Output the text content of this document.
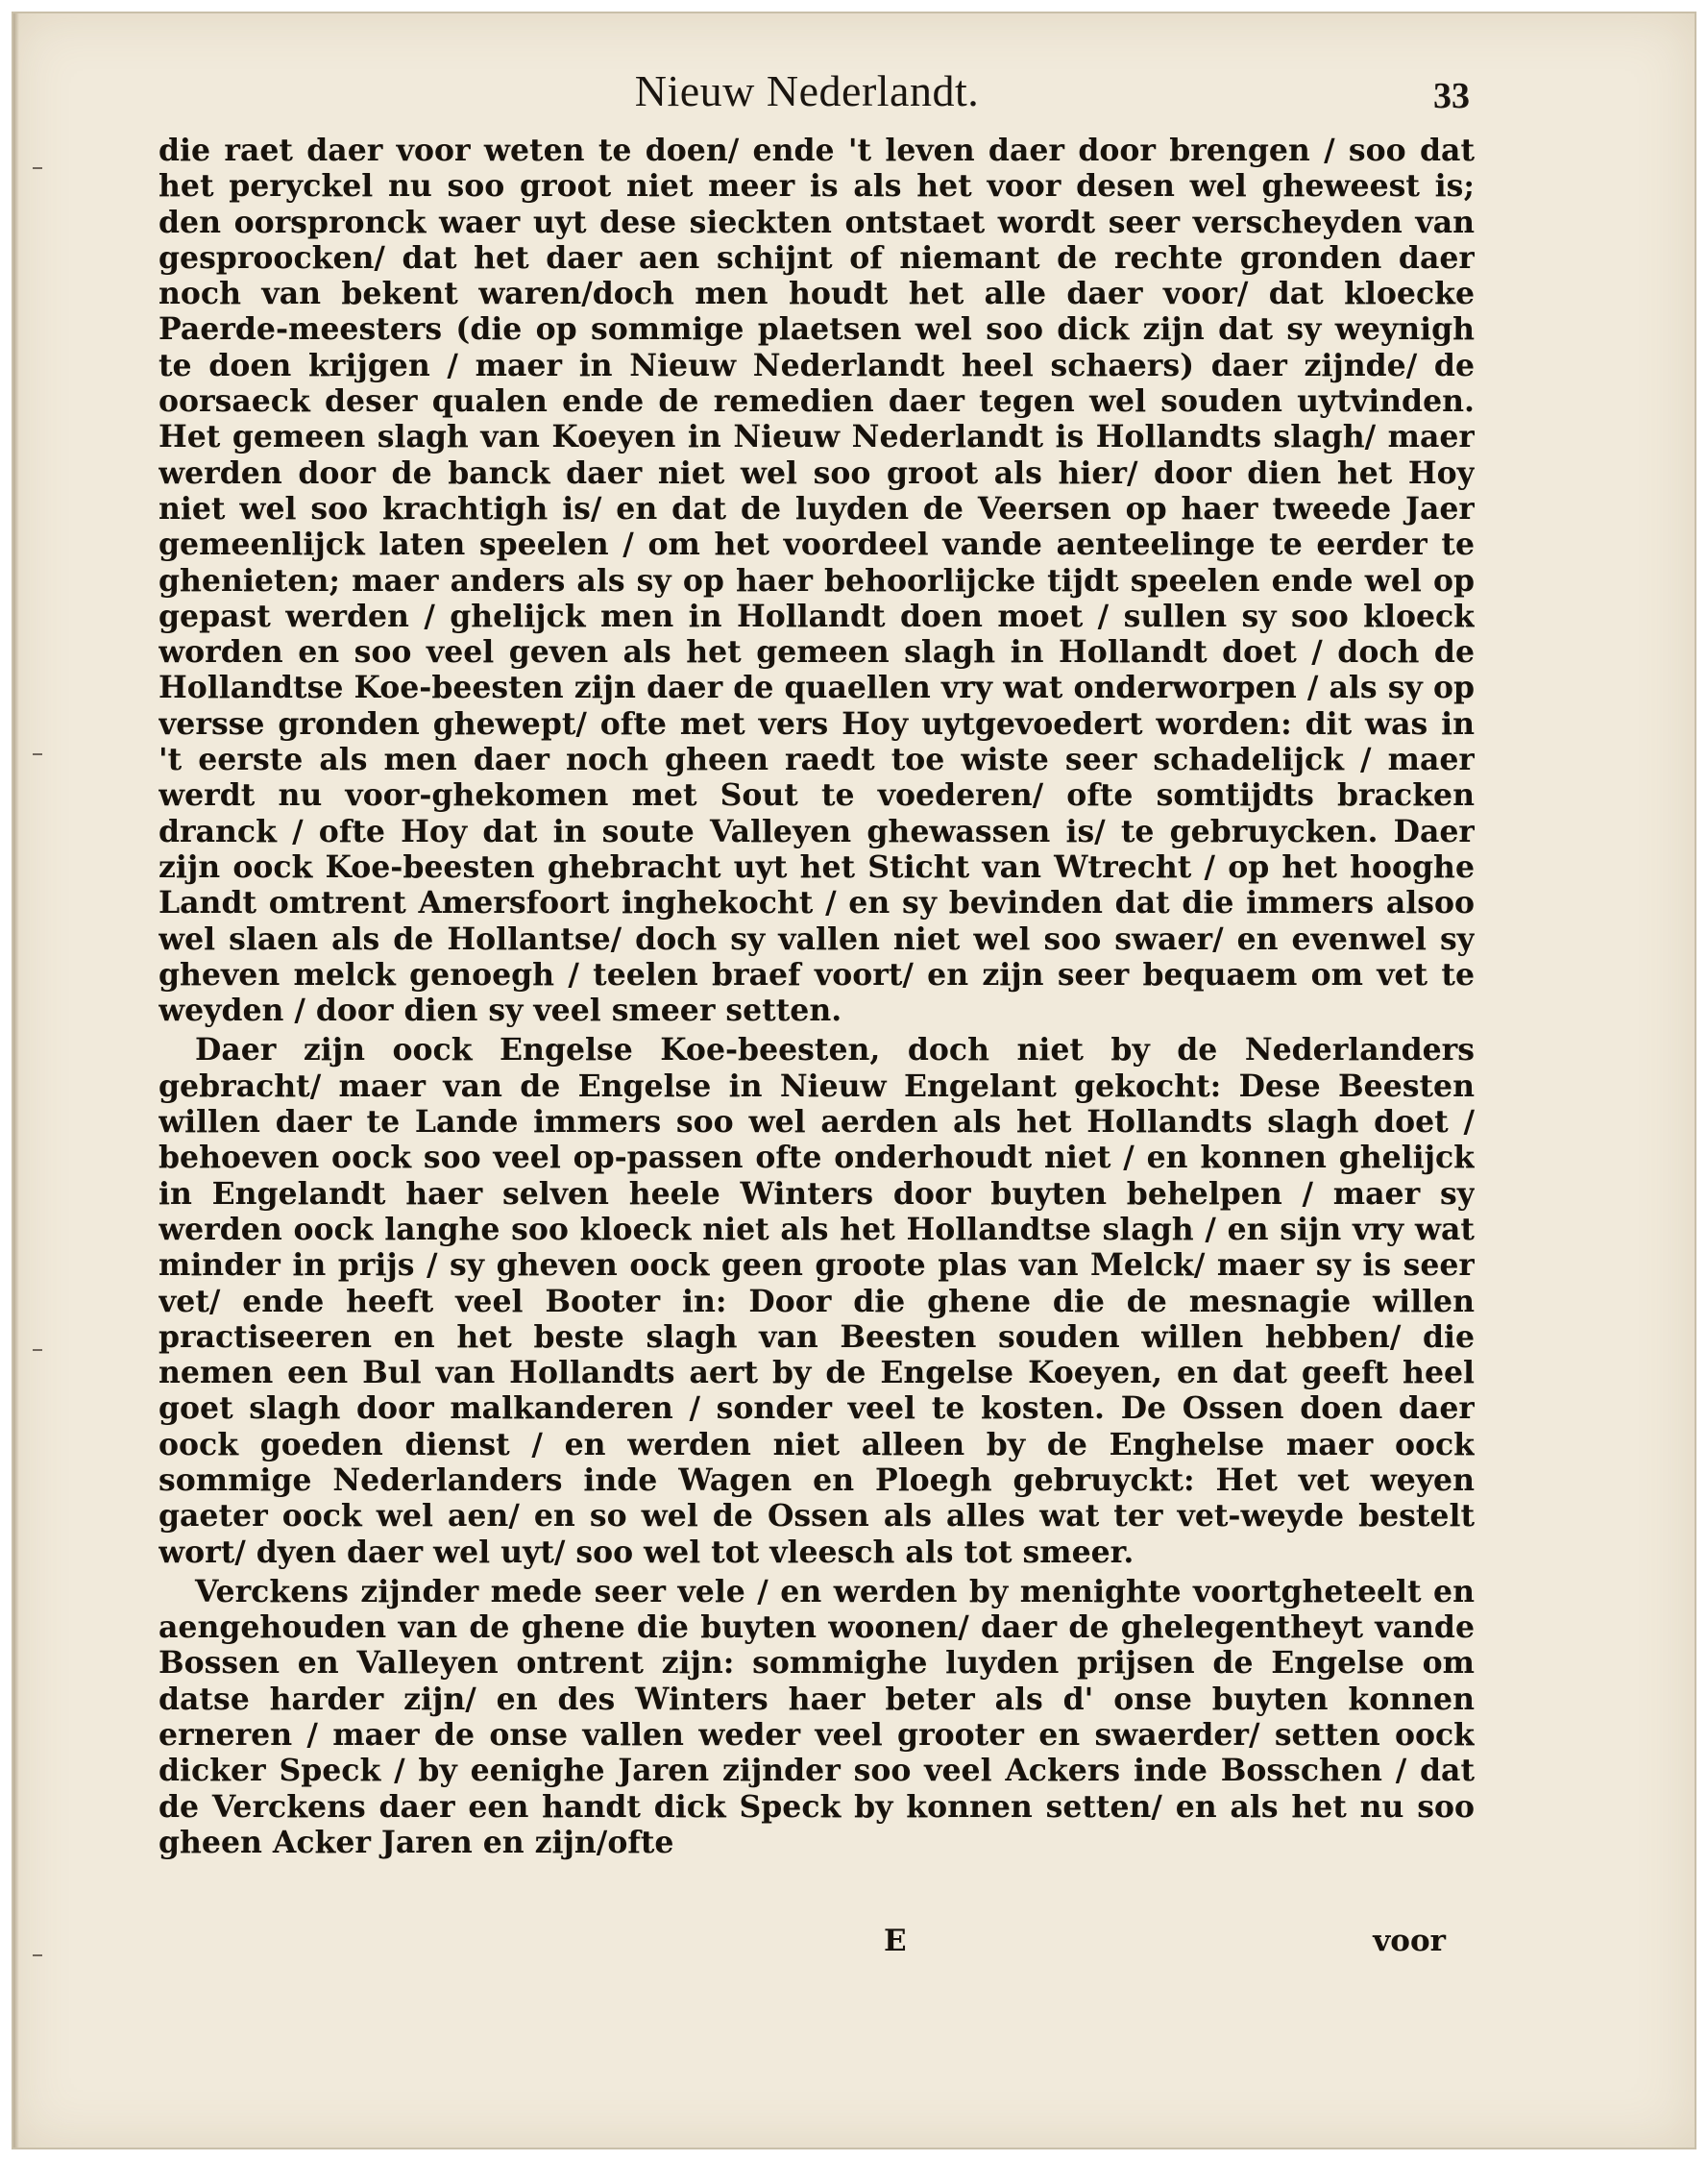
Nieuw Nederlandt.	33

die raet daer voor weten te doen/ ende 't leven daer door brengen / soo dat het peryckel nu soo groot niet meer is als het voor desen wel gheweest is; den oorspronck waer uyt dese sieckten ontstaet wordt seer verscheyden van gesproocken/ dat het daer aen schijnt of niemant de rechte gronden daer noch van bekent waren/doch men houdt het alle daer voor/ dat kloecke Paerde-meesters (die op sommige plaetsen wel soo dick zijn dat sy weynigh te doen krijgen / maer in Nieuw Nederlandt heel schaers) daer zijnde/ de oorsaeck deser qualen ende de remedien daer tegen wel souden uytvinden. Het gemeen slagh van Koeyen in Nieuw Nederlandt is Hollandts slagh/ maer werden door de banck daer niet wel soo groot als hier/ door dien het Hoy niet wel soo krachtigh is/ en dat de luyden de Veersen op haer tweede Jaer gemeenlijck laten speelen / om het voordeel vande aenteelinge te eerder te ghenieten; maer anders als sy op haer behoorlijcke tijdt speelen ende wel op gepast werden / ghelijck men in Hollandt doen moet / sullen sy soo kloeck worden en soo veel geven als het gemeen slagh in Hollandt doet / doch de Hollandtse Koe-beesten zijn daer de quaellen vry wat onderworpen / als sy op versse gronden ghewept/ ofte met vers Hoy uytgevoedert worden: dit was in 't eerste als men daer noch gheen raedt toe wiste seer schadelijck / maer werdt nu voor-ghekomen met Sout te voederen/ ofte somtijdts bracken dranck / ofte Hoy dat in soute Valleyen ghewassen is/ te gebruycken. Daer zijn oock Koe-beesten ghebracht uyt het Sticht van Wtrecht / op het hooghe Landt omtrent Amersfoort inghekocht / en sy bevinden dat die immers alsoo wel slaen als de Hollantse/ doch sy vallen niet wel soo swaer/ en evenwel sy gheven melck genoegh / teelen braef voort/ en zijn seer bequaem om vet te weyden / door dien sy veel smeer setten.

Daer zijn oock Engelse Koe-beesten, doch niet by de Nederlanders gebracht/ maer van de Engelse in Nieuw Engelant gekocht: Dese Beesten willen daer te Lande immers soo wel aerden als het Hollandts slagh doet / behoeven oock soo veel op-passen ofte onderhoudt niet / en konnen ghelijck in Engelandt haer selven heele Winters door buyten behelpen / maer sy werden oock langhe soo kloeck niet als het Hollandtse slagh / en sijn vry wat minder in prijs / sy gheven oock geen groote plas van Melck/ maer sy is seer vet/ ende heeft veel Booter in: Door die ghene die de mesnagie willen practiseeren en het beste slagh van Beesten souden willen hebben/ die nemen een Bul van Hollandts aert by de Engelse Koeyen, en dat geeft heel goet slagh door malkanderen / sonder veel te kosten. De Ossen doen daer oock goeden dienst / en werden niet alleen by de Enghelse maer oock sommige Nederlanders inde Wagen en Ploegh gebruyckt: Het vet weyen gaeter oock wel aen/ en so wel de Ossen als alles wat ter vet-weyde bestelt wort/ dyen daer wel uyt/ soo wel tot vleesch als tot smeer.

Verckens zijnder mede seer vele / en werden by menighte voortgheteelt en aengehouden van de ghene die buyten woonen/ daer de ghelegentheyt vande Bossen en Valleyen ontrent zijn: sommighe luyden prijsen de Engelse om datse harder zijn/ en des Winters haer beter als d' onse buyten konnen erneren / maer de onse vallen weder veel grooter en swaerder/ setten oock dicker Speck / by eenighe Jaren zijnder soo veel Ackers inde Bosschen / dat de Verckens daer een handt dick Speck by konnen setten/ en als het nu soo gheen Acker Jaren en zijn/ofte

E	voor
